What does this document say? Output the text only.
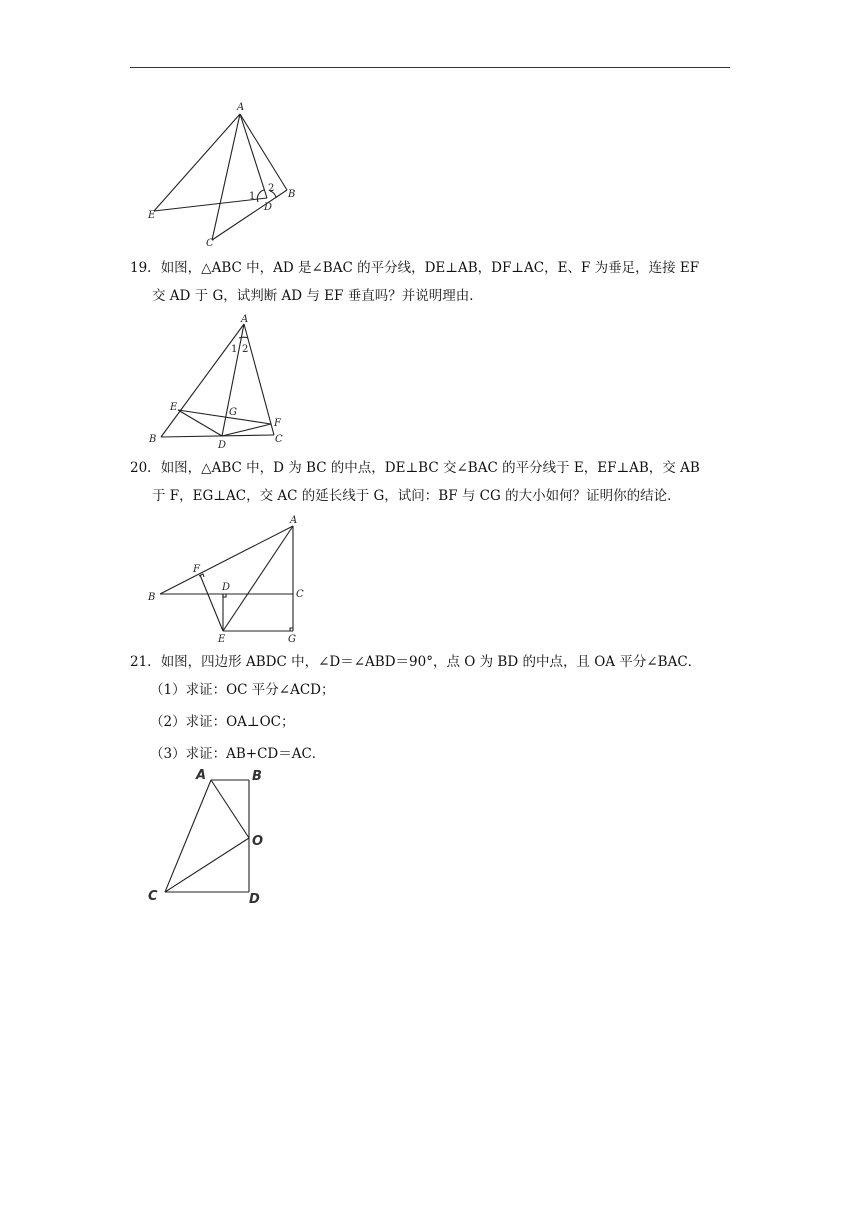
A
E
D
B
C
1
2

19．如图，△ABC 中，AD 是∠BAC 的平分线，DE⊥AB，DF⊥AC，E、F 为垂足，连接 EF

交 AD 于 G，试判断 AD 与 EF 垂直吗？并说明理由．

A
B	C
D
E
F
G
1 2

20．如图，△ABC 中，D 为 BC 的中点，DE⊥BC 交∠BAC 的平分线于 E，EF⊥AB，交 AB

于 F，EG⊥AC，交 AC 的延长线于 G，试问：BF 与 CG 的大小如何？证明你的结论．

A
B	C
D
E
F
G

21．如图，四边形 ABDC 中，∠D＝∠ABD＝90°，点 O 为 BD 的中点，且 OA 平分∠BAC．

（1）求证：OC 平分∠ACD；
（2）求证：OA⊥OC；
（3）求证：AB+CD＝AC．
A	B
C	D
O
